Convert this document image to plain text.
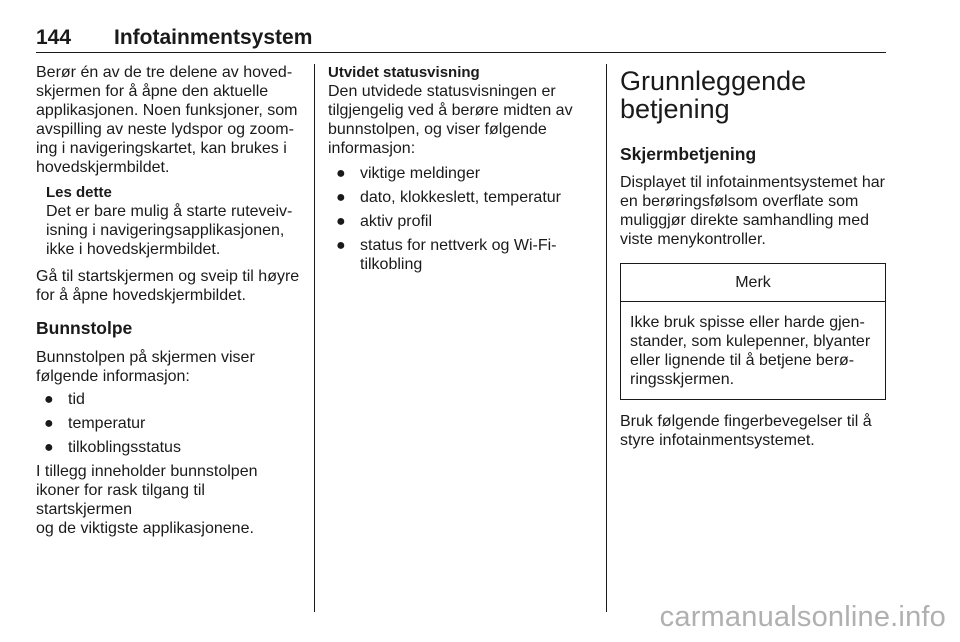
144 Infotainmentsystem

Berør én av de tre delene av hoved-
skjermen for å åpne den aktuelle
applikasjonen. Noen funksjoner, som
avspilling av neste lydspor og zoom-
ing i navigeringskartet, kan brukes i
hovedskjermbildet.

Les dette

Det er bare mulig å starte ruteveiv-
isning i navigeringsapplikasjonen,
ikke i hovedskjermbildet.

Gå til startskjermen og sveip til høyre
for å åpne hovedskjermbildet.

Bunnstolpe

Bunnstolpen på skjermen viser
følgende informasjon:

● tid
● temperatur
● tilkoblingsstatus

I tillegg inneholder bunnstolpen
ikoner for rask tilgang til startskjermen
og de viktigste applikasjonene.

Utvidet statusvisning

Den utvidede statusvisningen er
tilgjengelig ved å berøre midten av
bunnstolpen, og viser følgende
informasjon:

● viktige meldinger
● dato, klokkeslett, temperatur
● aktiv profil
● status for nettverk og Wi-Fi-
tilkobling
Grunnleggende
betjening
Skjermbetjening

Displayet til infotainmentsystemet har
en berøringsfølsom overflate som
muliggjør direkte samhandling med
viste menykontroller.

Merk
Ikke bruk spisse eller harde gjen-
stander, som kulepenner, blyanter
eller lignende til å betjene berø-
ringsskjermen.

Bruk følgende fingerbevegelser til å
styre infotainmentsystemet.

carmanualsonline.info
